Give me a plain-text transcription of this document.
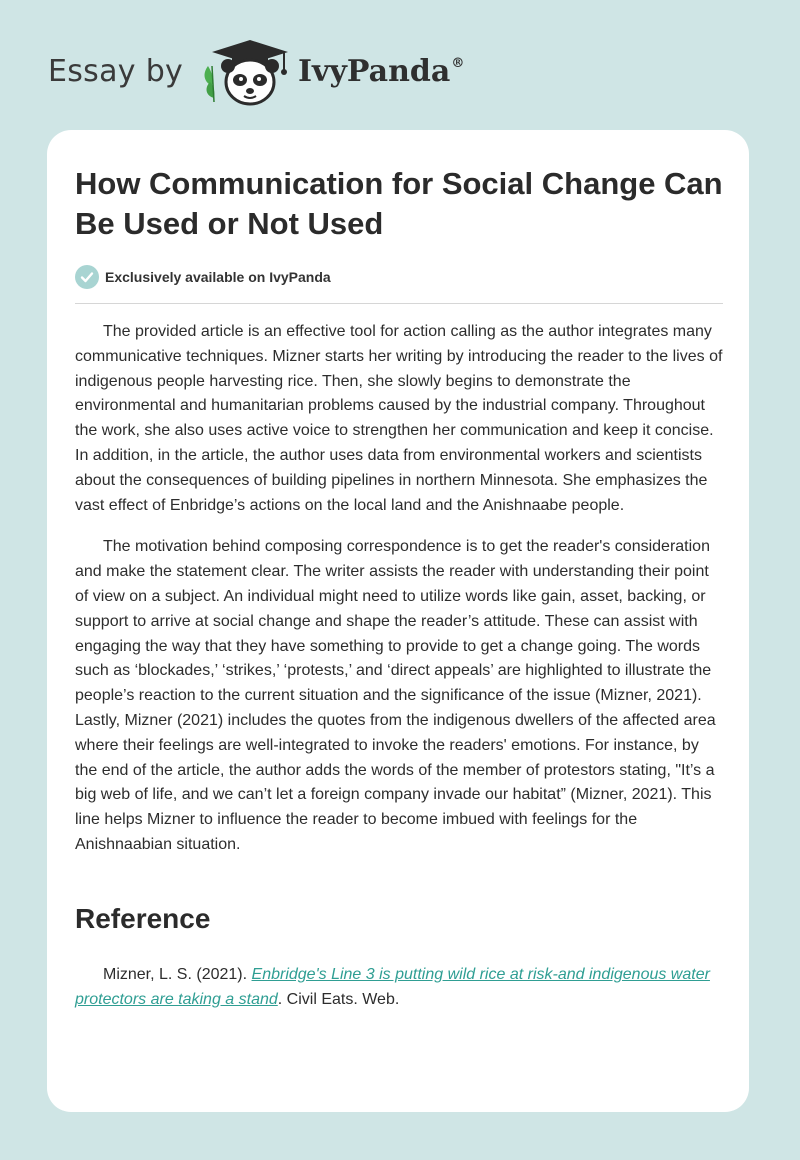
Essay by	IvyPanda®
How Communication for Social Change Can Be Used or Not Used
Exclusively available on IvyPanda

The provided article is an effective tool for action calling as the author integrates many communicative techniques. Mizner starts her writing by introducing the reader to the lives of indigenous people harvesting rice. Then, she slowly begins to demonstrate the environmental and humanitarian problems caused by the industrial company. Throughout the work, she also uses active voice to strengthen her communication and keep it concise. In addition, in the article, the author uses data from environmental workers and scientists about the consequences of building pipelines in northern Minnesota. She emphasizes the vast effect of Enbridge’s actions on the local land and the Anishnaabe people.

The motivation behind composing correspondence is to get the reader's consideration and make the statement clear. The writer assists the reader with understanding their point of view on a subject. An individual might need to utilize words like gain, asset, backing, or support to arrive at social change and shape the reader’s attitude. These can assist with engaging the way that they have something to provide to get a change going. The words such as ‘blockades,’ ‘strikes,’ ‘protests,’ and ‘direct appeals’ are highlighted to illustrate the people’s reaction to the current situation and the significance of the issue (Mizner, 2021). Lastly, Mizner (2021) includes the quotes from the indigenous dwellers of the affected area where their feelings are well-integrated to invoke the readers' emotions. For instance, by the end of the article, the author adds the words of the member of protestors stating, "It’s a big web of life, and we can’t let a foreign company invade our habitat” (Mizner, 2021). This line helps Mizner to influence the reader to become imbued with feelings for the Anishnaabian situation.

Reference

Mizner, L. S. (2021). Enbridge's Line 3 is putting wild rice at risk-and indigenous water protectors are taking a stand. Civil Eats. Web.
